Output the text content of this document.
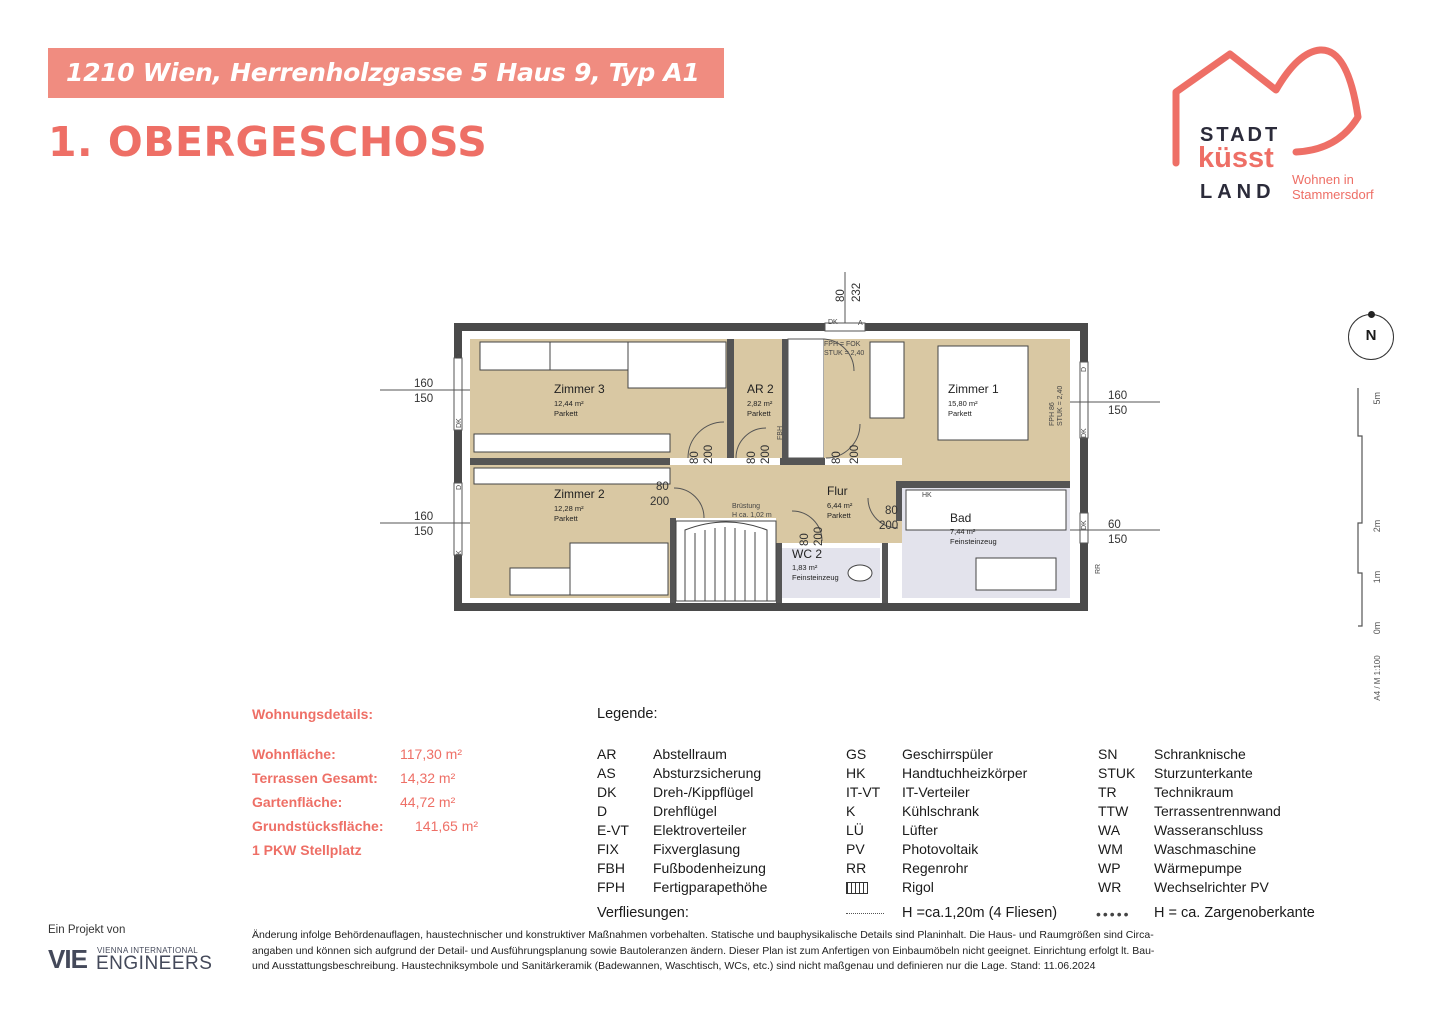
1210 Wien, Herrenholzgasse 5 Haus 9, Typ A1
1. OBERGESCHOSS	STADT
küsst
LAND
Wohnen in
Stammersdorf
160
150
160
150
160
150
60
150
80 232
80 200	80 200	80 200
80
200
80
200
80 200
Brüstung
H ca. 1,02 m
HK
RR
FPH = FOK
STUK = 2,40
DK	A
FBH
DK
D
DK
D
DK
D
DK
FPH 86 STUK = 2,40
Zimmer 3
12,44 m²
Parkett
AR 2
2,82 m²
Parkett
Zimmer 1
15,80 m²
Parkett
Zimmer 2
12,28 m²
Parkett
Flur
6,44 m²
Parkett	Bad
7,44 m²
Feinsteinzeug
WC 2
1,83 m²
Feinsteinzeug
N
5m
2m
1m
0m
A4 / M 1:100
Wohnungsdetails:
Wohnfläche:	117,30 m²
Terrassen Gesamt: 14,32 m²
Gartenfläche:	44,72 m²
Grundstücksfläche: 141,65 m²
1 PKW Stellplatz
Legende:
AR	Abstellraum
AS	Absturzsicherung
DK	Dreh-/Kippflügel
D	Drehflügel
E-VT Elektroverteiler
FIX Fixverglasung
FBH Fußbodenheizung
FPH Fertigparapethöhe
GS	Geschirrspüler
HK	Handtuchheizkörper
IT-VT IT-Verteiler
K	Kühlschrank
LÜ	Lüfter
PV	Photovoltaik
RR	Regenrohr
Rigol
SN	Schranknische
STUK Sturzunterkante
TR	Technikraum
TTW Terrassentrennwand
WA Wasseranschluss
WM Waschmaschine
WP Wärmepumpe
WR Wechselrichter PV
Verfliesungen:	H =ca.1,20m (4 Fliesen)	••••• H = ca. Zargenoberkante
Ein Projekt von
VIE VIENNA INTERNATIONAL
ENGINEERS
Änderung infolge Behördenauflagen, haustechnischer und konstruktiver Maßnahmen vorbehalten. Statische und bauphysikalische Details sind Planinhalt. Die Haus- und Raumgrößen sind Circa-
angaben und können sich aufgrund der Detail- und Ausführungsplanung sowie Bautoleranzen ändern. Dieser Plan ist zum Anfertigen von Einbaumöbeln nicht geeignet. Einrichtung erfolgt lt. Bau-
und Ausstattungsbeschreibung. Haustechniksymbole und Sanitärkeramik (Badewannen, Waschtisch, WCs, etc.) sind nicht maßgenau und definieren nur die Lage. Stand: 11.06.2024
